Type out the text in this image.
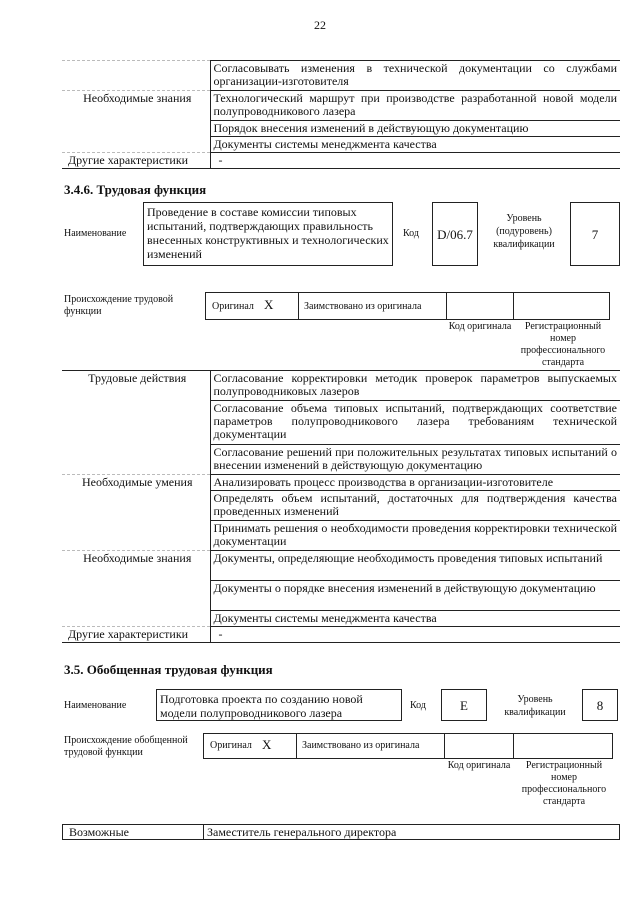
22
	Согласовывать изменения в технической документации со службами организации-изготовителя
Необходимые знания	Технологический маршрут при производстве разработанной новой модели полупроводникового лазера
	Порядок внесения изменений в действующую документацию
	Документы системы менеджмента качества
Другие характеристики	-
3.4.6. Трудовая функция
Наименование
Проведение в составе комиссии типовых испытаний, подтверждающих правильность внесенных конструктивных и технологических изменений
Код	D/06.7
Уровень (подуровень) квалификации
7
Происхождение трудовой функции	Оригинал X	Заимствовано из оригинала
Код оригинала	Регистрационный номер профессионального стандарта
Трудовые действия	Согласование корректировки методик проверок параметров выпускаемых полупроводниковых лазеров
	Согласование объема типовых испытаний, подтверждающих соответствие параметров полупроводникового лазера требованиям технической документации
	Согласование решений при положительных результатах типовых испытаний о внесении изменений в действующую документацию
Необходимые умения	Анализировать процесс производства в организации-изготовителе
	Определять объем испытаний, достаточных для подтверждения качества проведенных изменений
	Принимать решения о необходимости проведения корректировки технической документации
Необходимые знания	Документы, определяющие необходимость проведения типовых испытаний
	Документы о порядке внесения изменений в действующую документацию
	Документы системы менеджмента качества
Другие характеристики	-
3.5. Обобщенная трудовая функция
Наименование	Подготовка проекта по созданию новой модели полупроводникового лазера
Код	E	Уровень квалификации	8
Происхождение обобщенной трудовой функции
Оригинал X	Заимствовано из оригинала
Код оригинала	Регистрационный номер профессионального стандарта
Возможные	Заместитель генерального директора
